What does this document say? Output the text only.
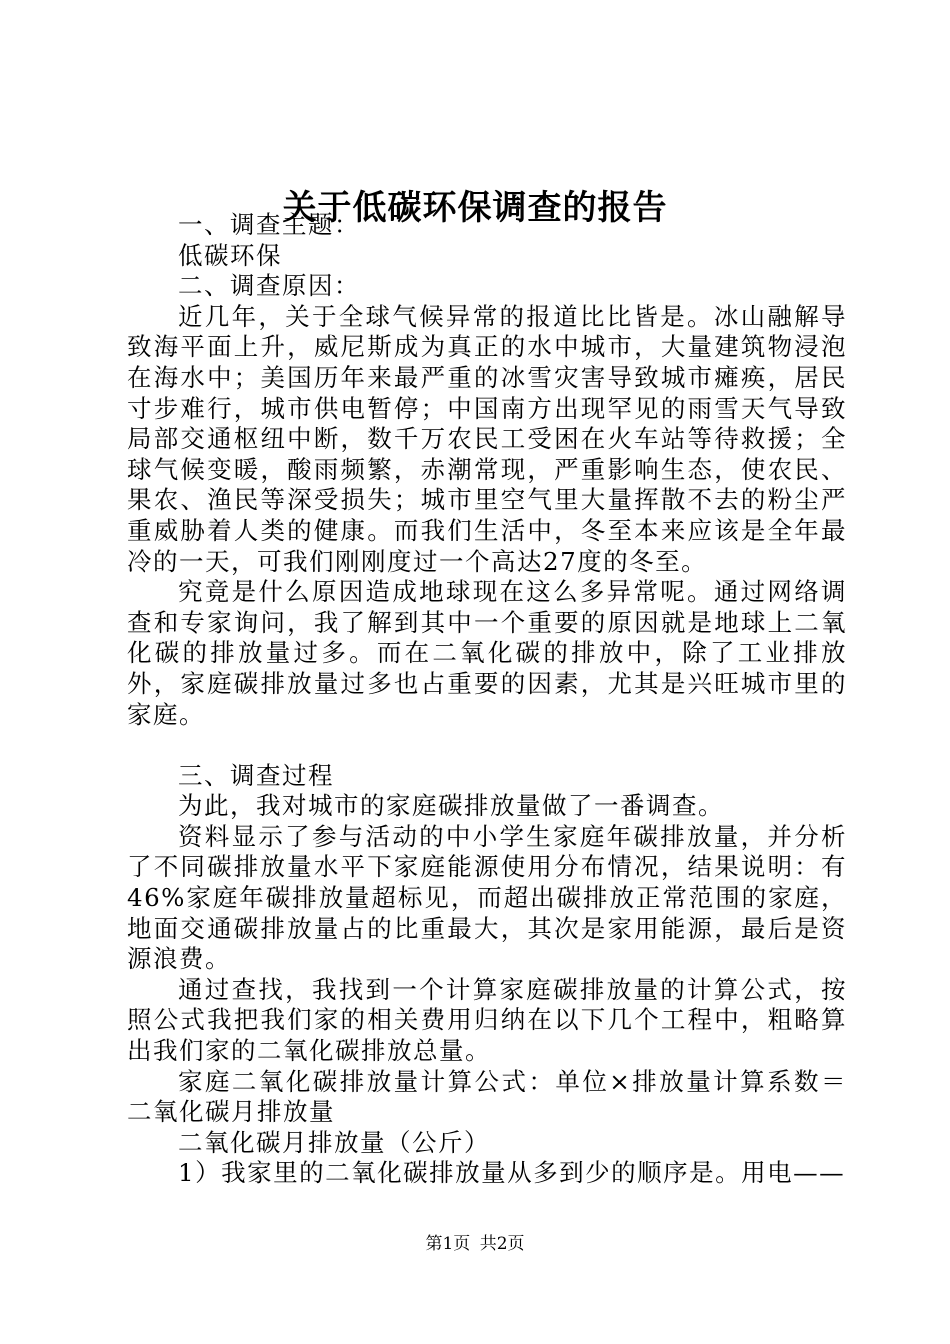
关于低碳环保调查的报告

一、调查主题：

低碳环保

二、调查原因：

近几年，关于全球气候异常的报道比比皆是。冰山融解导致海平面上升，威尼斯成为真正的水中城市，大量建筑物浸泡在海水中；美国历年来最严重的冰雪灾害导致城市瘫痪，居民寸步难行，城市供电暂停；中国南方出现罕见的雨雪天气导致局部交通枢纽中断，数千万农民工受困在火车站等待救援；全球气候变暖，酸雨频繁，赤潮常现，严重影响生态，使农民、果农、渔民等深受损失；城市里空气里大量挥散不去的粉尘严重威胁着人类的健康。而我们生活中，冬至本来应该是全年最冷的一天，可我们刚刚度过一个高达27度的冬至。

究竟是什么原因造成地球现在这么多异常呢。通过网络调查和专家询问，我了解到其中一个重要的原因就是地球上二氧化碳的排放量过多。而在二氧化碳的排放中，除了工业排放外，家庭碳排放量过多也占重要的因素，尤其是兴旺城市里的家庭。

三、调查过程

为此，我对城市的家庭碳排放量做了一番调查。

资料显示了参与活动的中小学生家庭年碳排放量，并分析了不同碳排放量水平下家庭能源使用分布情况，结果说明：有46%家庭年碳排放量超标见，而超出碳排放正常范围的家庭，地面交通碳排放量占的比重最大，其次是家用能源，最后是资源浪费。

通过查找，我找到一个计算家庭碳排放量的计算公式，按照公式我把我们家的相关费用归纳在以下几个工程中，粗略算出我们家的二氧化碳排放总量。

家庭二氧化碳排放量计算公式：单位×排放量计算系数＝二氧化碳月排放量

二氧化碳月排放量（公斤）

1）我家里的二氧化碳排放量从多到少的顺序是。用电——

第1页 共2页
